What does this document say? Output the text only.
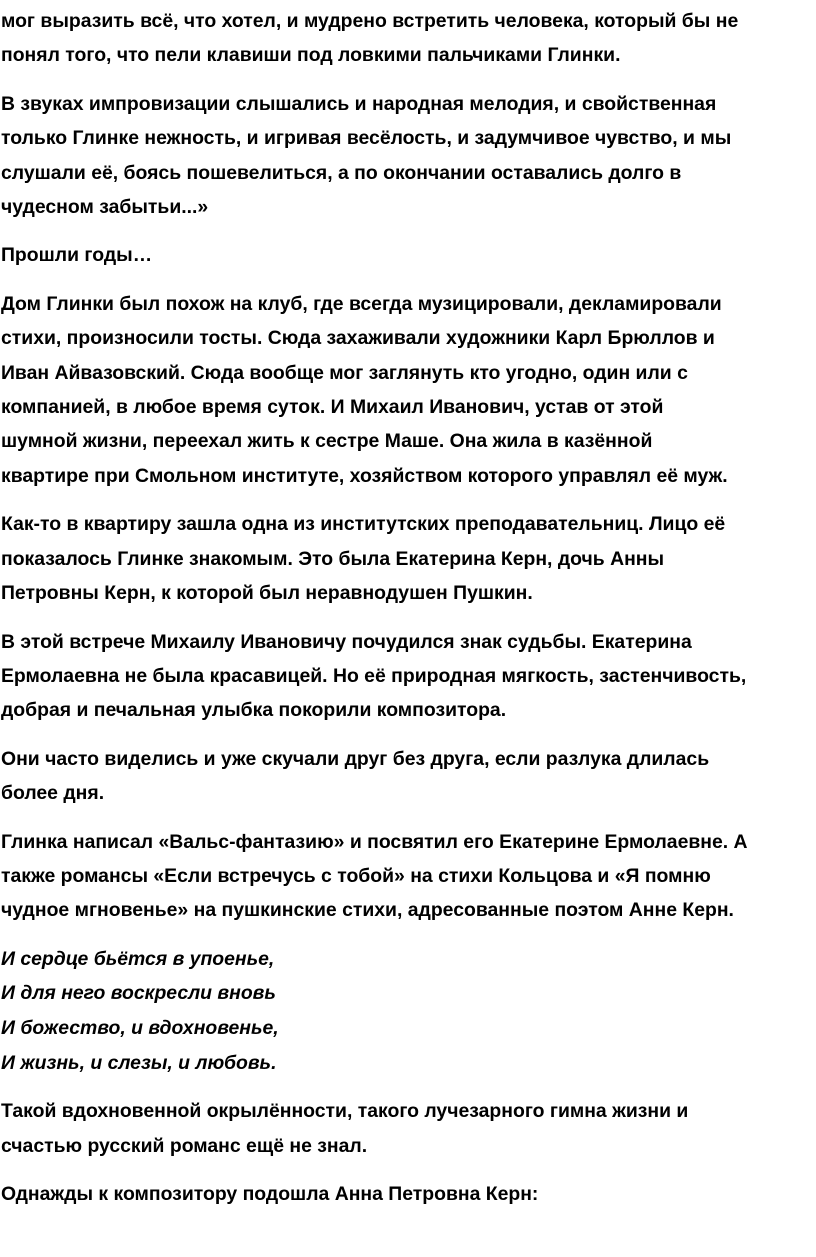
мог выразить всё, что хотел, и мудрено встретить человека, который бы не
понял того, что пели клавиши под ловкими пальчиками Глинки.

В звуках импровизации слышались и народная мелодия, и свойственная
только Глинке нежность, и игривая весёлость, и задумчивое чувство, и мы
слушали её, боясь пошевелиться, а по окончании оставались долго в
чудесном забытьи...»

Прошли годы…

Дом Глинки был похож на клуб, где всегда музицировали, декламировали
стихи, произносили тосты. Сюда захаживали художники Карл Брюллов и
Иван Айвазовский. Сюда вообще мог заглянуть кто угодно, один или с
компанией, в любое время суток. И Михаил Иванович, устав от этой
шумной жизни, переехал жить к сестре Маше. Она жила в казённой
квартире при Смольном институте, хозяйством которого управлял её муж.

Как-то в квартиру зашла одна из институтских преподавательниц. Лицо её
показалось Глинке знакомым. Это была Екатерина Керн, дочь Анны
Петровны Керн, к которой был неравнодушен Пушкин.

В этой встрече Михаилу Ивановичу почудился знак судьбы. Екатерина
Ермолаевна не была красавицей. Но её природная мягкость, застенчивость,
добрая и печальная улыбка покорили композитора.

Они часто виделись и уже скучали друг без друга, если разлука длилась
более дня.

Глинка написал «Вальс-фантазию» и посвятил его Екатерине Ермолаевне. А
также романсы «Если встречусь с тобой» на стихи Кольцова и «Я помню
чудное мгновенье» на пушкинские стихи, адресованные поэтом Анне Керн.

И сердце бьётся в упоенье,
И для него воскресли вновь
И божество, и вдохновенье,
И жизнь, и слезы, и любовь.

Такой вдохновенной окрылённости, такого лучезарного гимна жизни и
счастью русский романс ещё не знал.

Однажды к композитору подошла Анна Петровна Керн:
